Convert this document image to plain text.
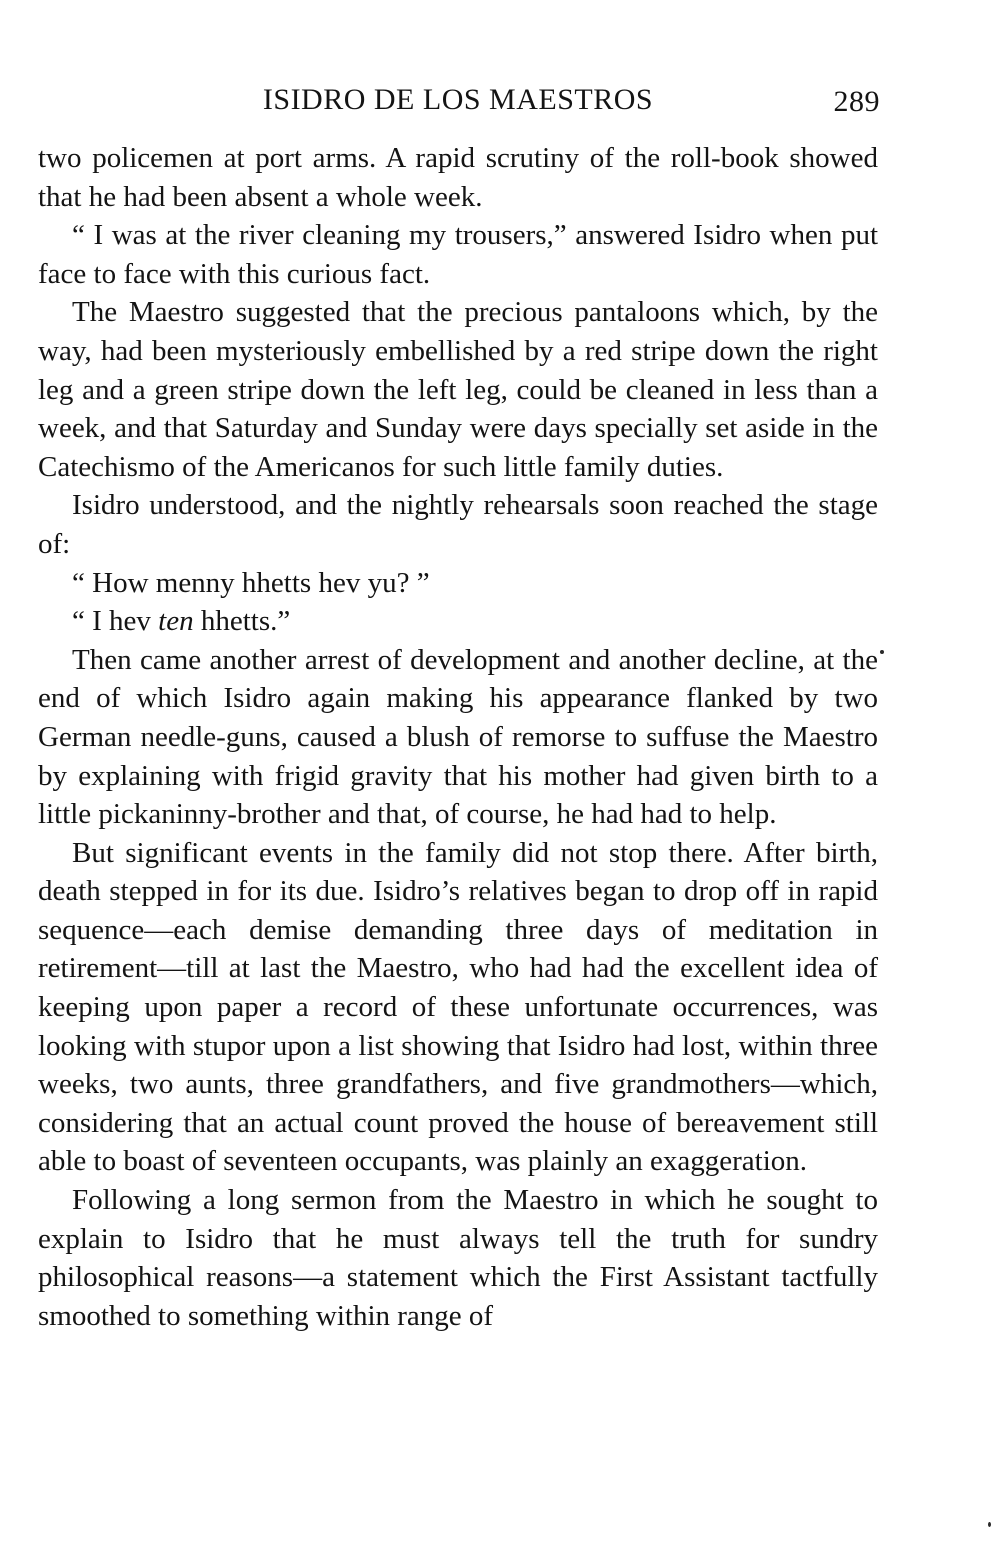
ISIDRO DE LOS MAESTROS	289

two policemen at port arms. A rapid scrutiny of the roll-book showed that he had been absent a whole week.

“ I was at the river cleaning my trousers,” answered Isidro when put face to face with this curious fact.

The Maestro suggested that the precious pantaloons which, by the way, had been mysteriously embellished by a red stripe down the right leg and a green stripe down the left leg, could be cleaned in less than a week, and that Saturday and Sunday were days specially set aside in the Catechismo of the Americanos for such little family duties.

Isidro understood, and the nightly rehearsals soon reached the stage of:

“ How menny hhetts hev yu? ”

“ I hev ten hhetts.”

Then came another arrest of development and another decline, at the end of which Isidro again making his appearance flanked by two German needle-guns, caused a blush of remorse to suffuse the Maestro by explaining with frigid gravity that his mother had given birth to a little pickaninny-brother and that, of course, he had had to help.

But significant events in the family did not stop there. After birth, death stepped in for its due. Isidro’s relatives began to drop off in rapid sequence—each demise demanding three days of meditation in retirement—till at last the Maestro, who had had the excellent idea of keeping upon paper a record of these unfortunate occurrences, was looking with stupor upon a list showing that Isidro had lost, within three weeks, two aunts, three grandfathers, and five grandmothers—which, considering that an actual count proved the house of bereavement still able to boast of seventeen occupants, was plainly an exaggeration.

Following a long sermon from the Maestro in which he sought to explain to Isidro that he must always tell the truth for sundry philosophical reasons—a statement which the First Assistant tactfully smoothed to something within range of
